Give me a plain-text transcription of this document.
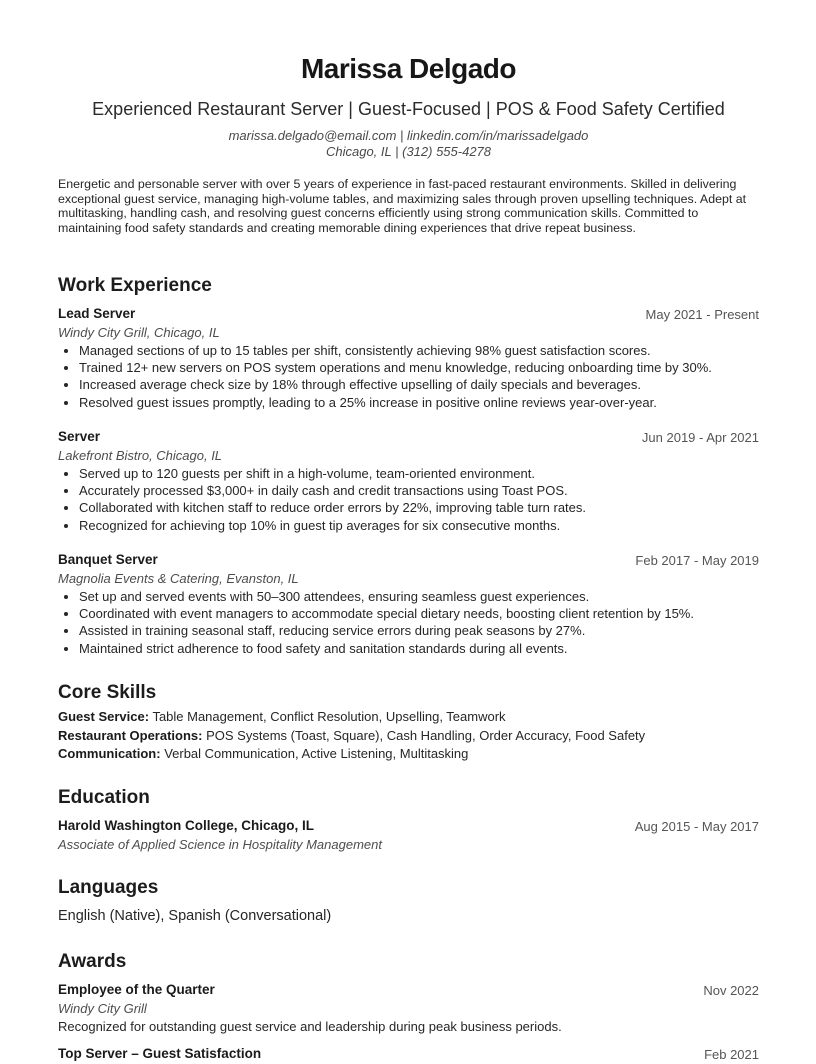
Marissa Delgado
Experienced Restaurant Server | Guest-Focused | POS & Food Safety Certified
marissa.delgado@email.com | linkedin.com/in/marissadelgado
Chicago, IL | (312) 555-4278
Energetic and personable server with over 5 years of experience in fast-paced restaurant environments. Skilled in delivering exceptional guest service, managing high-volume tables, and maximizing sales through proven upselling techniques. Adept at multitasking, handling cash, and resolving guest concerns efficiently using strong communication skills. Committed to maintaining food safety standards and creating memorable dining experiences that drive repeat business.
Work Experience
Lead Server	May 2021 - Present
Windy City Grill, Chicago, IL
• Managed sections of up to 15 tables per shift, consistently achieving 98% guest satisfaction scores.
• Trained 12+ new servers on POS system operations and menu knowledge, reducing onboarding time by 30%.
• Increased average check size by 18% through effective upselling of daily specials and beverages.
• Resolved guest issues promptly, leading to a 25% increase in positive online reviews year-over-year.
Server	Jun 2019 - Apr 2021
Lakefront Bistro, Chicago, IL
• Served up to 120 guests per shift in a high-volume, team-oriented environment.
• Accurately processed $3,000+ in daily cash and credit transactions using Toast POS.
• Collaborated with kitchen staff to reduce order errors by 22%, improving table turn rates.
• Recognized for achieving top 10% in guest tip averages for six consecutive months.
Banquet Server	Feb 2017 - May 2019
Magnolia Events & Catering, Evanston, IL
• Set up and served events with 50–300 attendees, ensuring seamless guest experiences.
• Coordinated with event managers to accommodate special dietary needs, boosting client retention by 15%.
• Assisted in training seasonal staff, reducing service errors during peak seasons by 27%.
• Maintained strict adherence to food safety and sanitation standards during all events.
Core Skills
Guest Service: Table Management, Conflict Resolution, Upselling, Teamwork
Restaurant Operations: POS Systems (Toast, Square), Cash Handling, Order Accuracy, Food Safety
Communication: Verbal Communication, Active Listening, Multitasking
Education
Harold Washington College, Chicago, IL	Aug 2015 - May 2017
Associate of Applied Science in Hospitality Management
Languages
English (Native), Spanish (Conversational)
Awards
Employee of the Quarter	Nov 2022
Windy City Grill
Recognized for outstanding guest service and leadership during peak business periods.
Top Server – Guest Satisfaction	Feb 2021
